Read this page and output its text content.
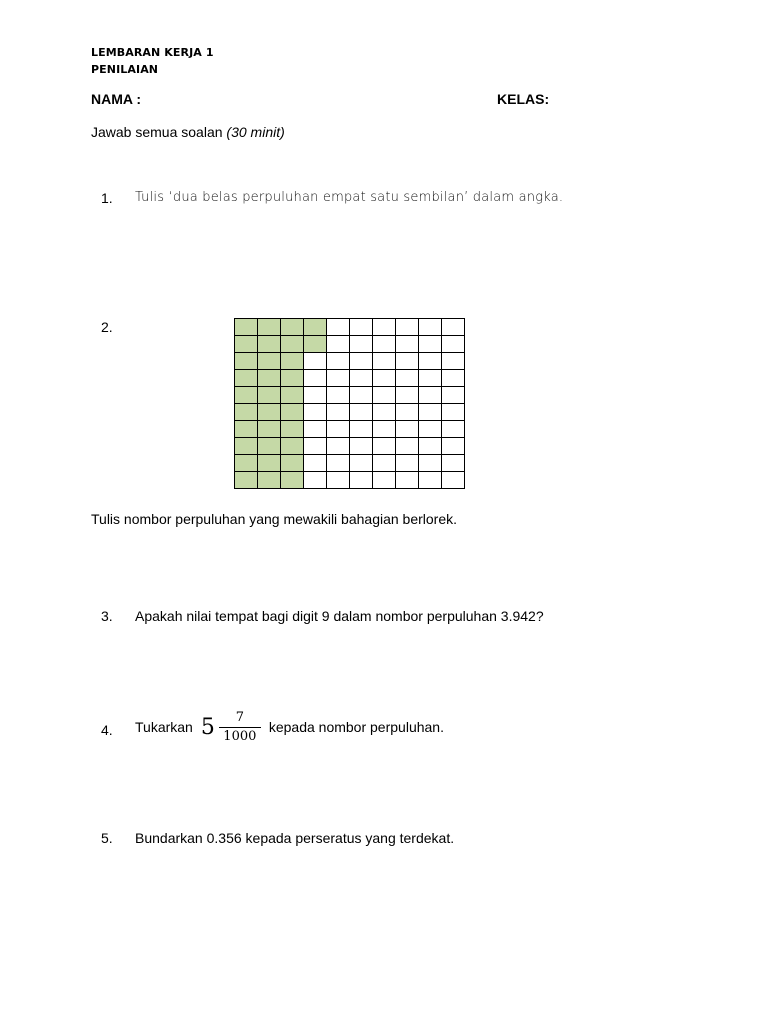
LEMBARAN KERJA 1
PENILAIAN
NAMA :	KELAS:
Jawab semua soalan (30 minit)
1. Tulis ‘dua belas perpuluhan empat satu sembilan’ dalam angka.
2.

Tulis nombor perpuluhan yang mewakili bahagian berlorek.
3. Apakah nilai tempat bagi digit 9 dalam nombor perpuluhan 3.942?
4. Tukarkan $5 \frac{7}{1000}$ kepada nombor perpuluhan.
5. Bundarkan 0.356 kepada perseratus yang terdekat.
